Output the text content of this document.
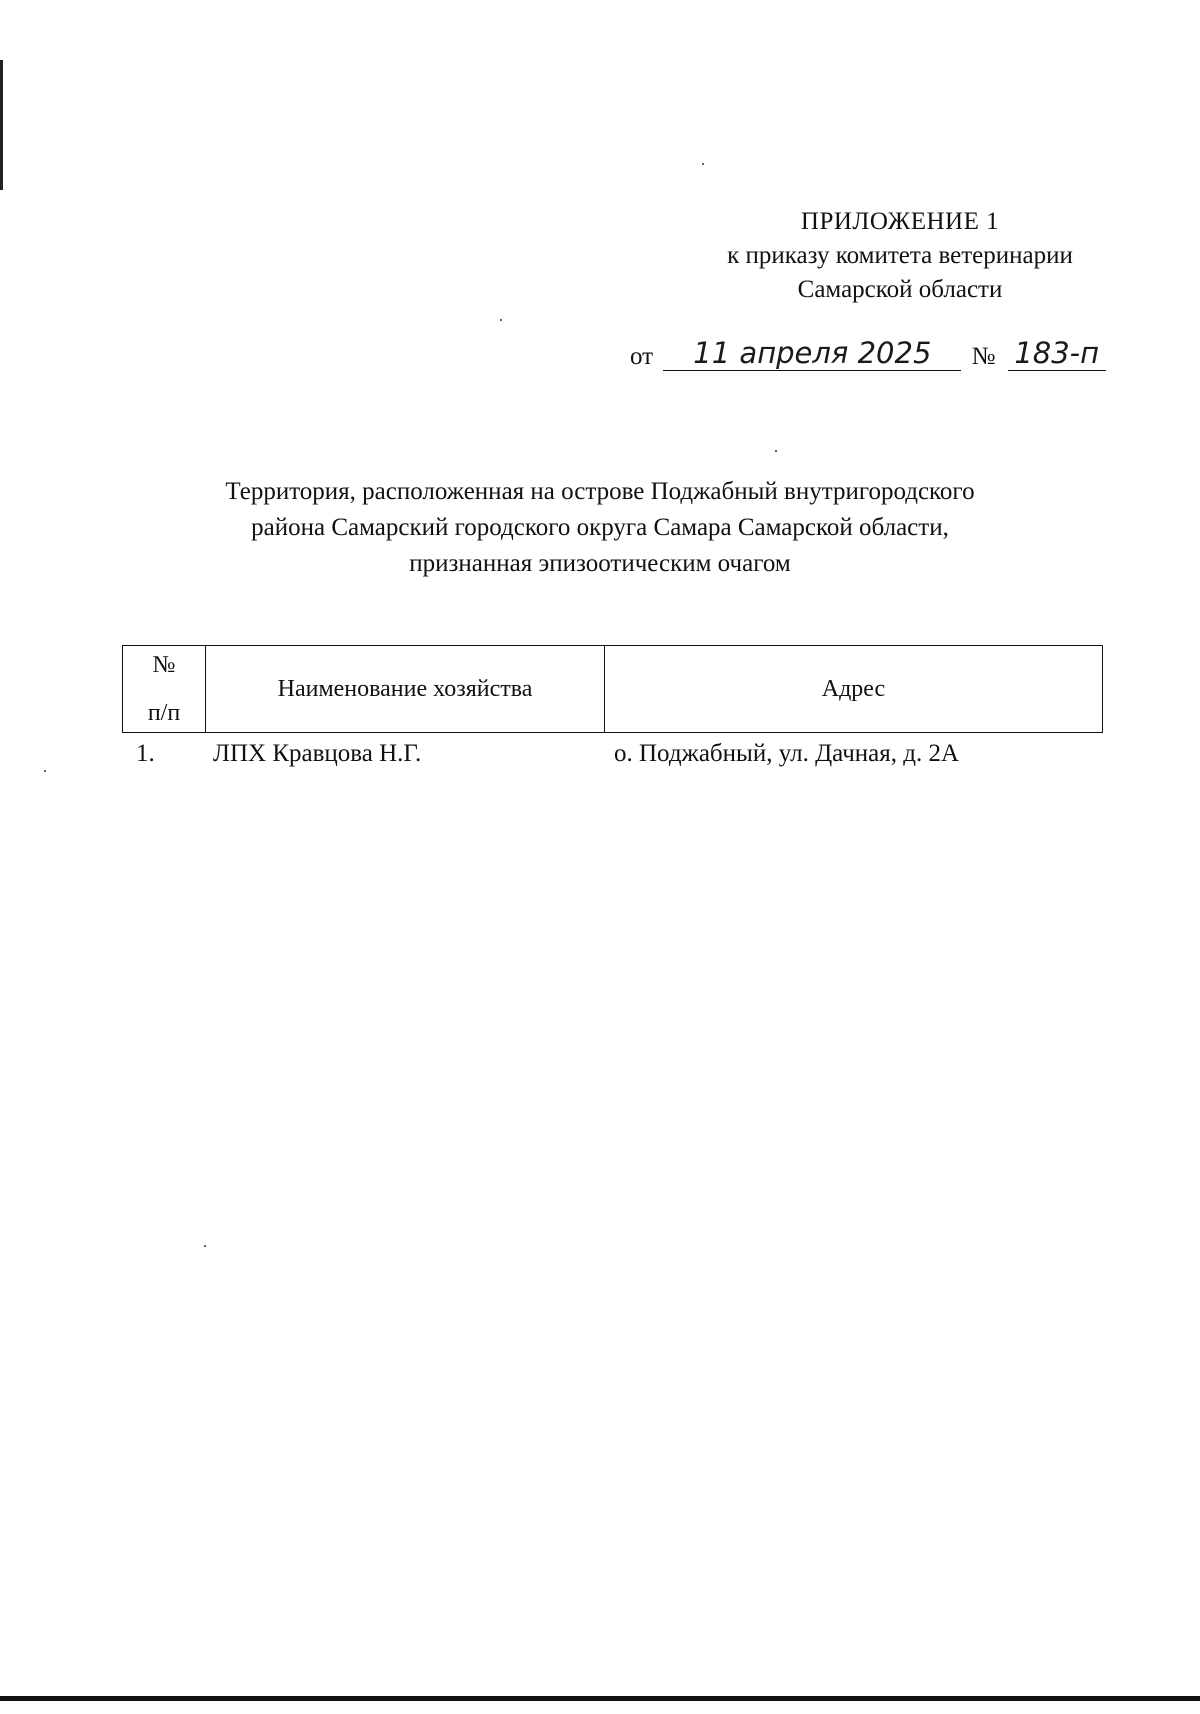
ПРИЛОЖЕНИЕ 1
к приказу комитета ветеринарии
Самарской области
от 11 апреля 2025 № 183-п
Территория, расположенная на острове Поджабный внутригородского
района Самарский городского округа Самара Самарской области,
признанная эпизоотическим очагом
№
п/п
Наименование хозяйства	Адрес
1. ЛПХ Кравцова Н.Г.	о. Поджабный, ул. Дачная, д. 2А
